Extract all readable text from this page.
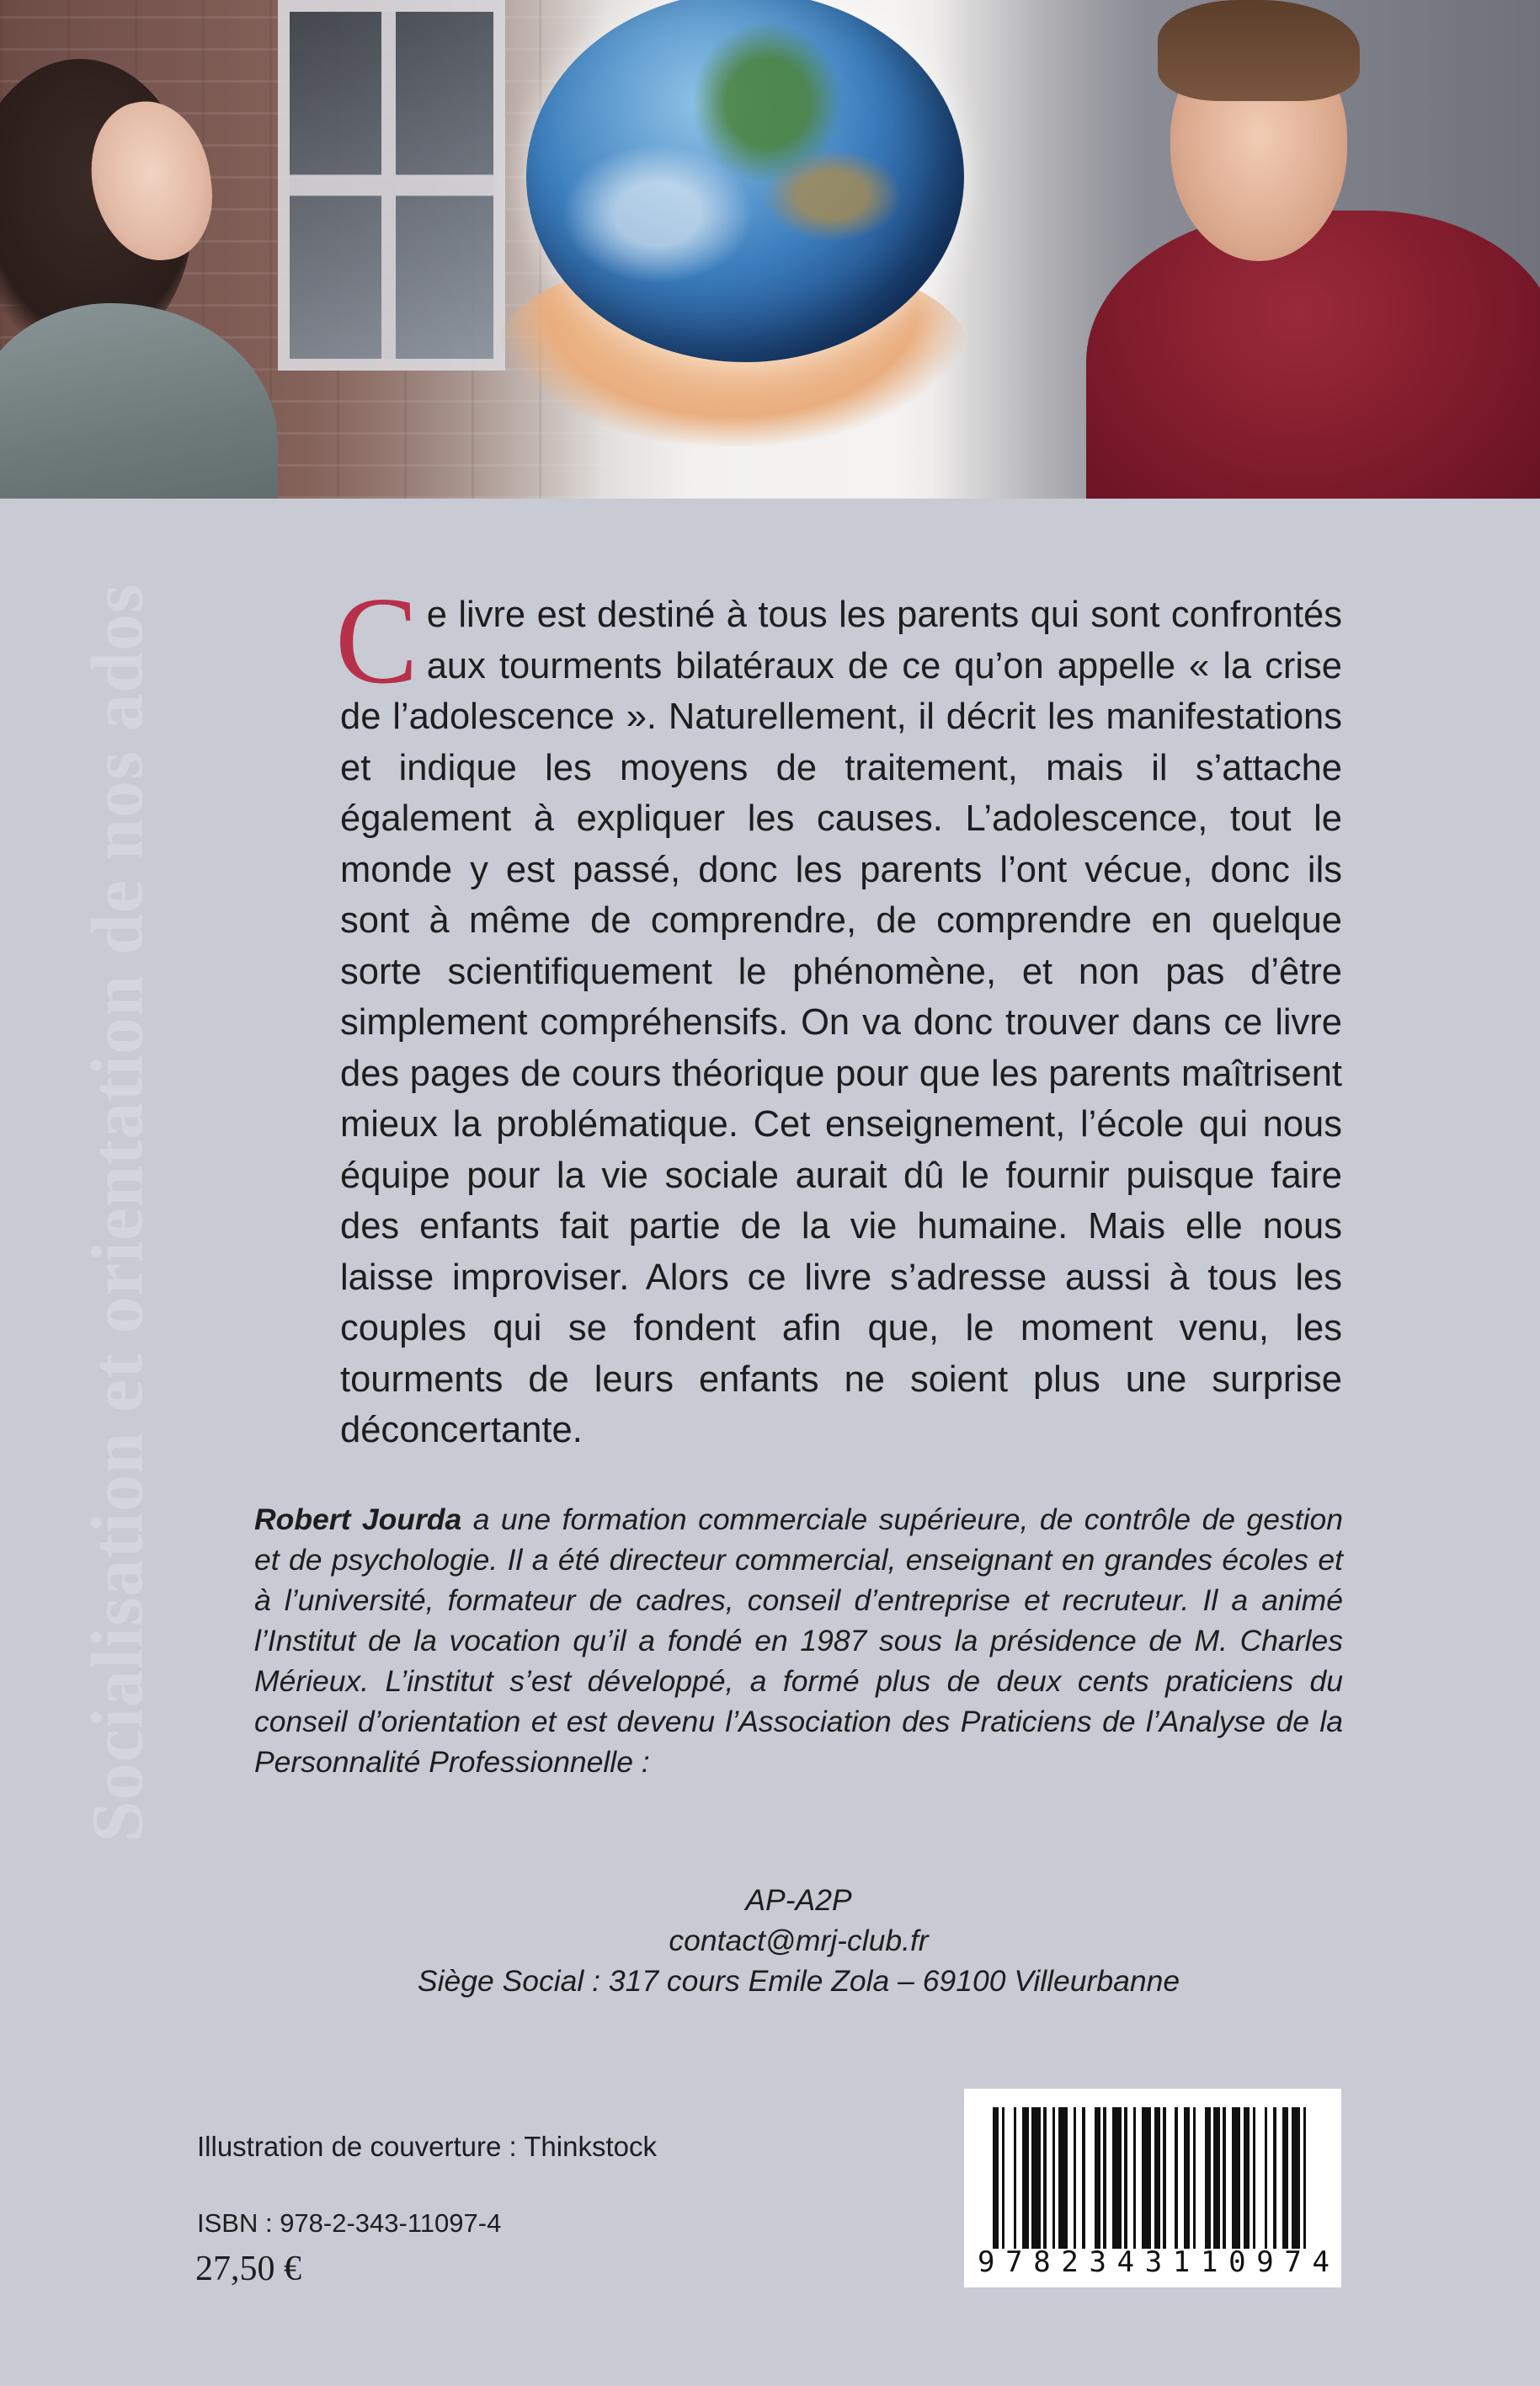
Socialisation et orientation de nos ados Ce livre est destiné à tous les parents qui sont confrontés aux tourments bilatéraux de ce qu’on appelle « la crise de l’adolescence ». Naturellement, il décrit les manifestations et indique les moyens de traitement, mais il s’attache également à expliquer les causes. L’adolescence, tout le monde y est passé, donc les parents l’ont vécue, donc ils sont à même de comprendre, de comprendre en quelque sorte scientifiquement le phénomène, et non pas d’être simplement compréhensifs. On va donc trouver dans ce livre des pages de cours théorique pour que les parents maîtrisent mieux la problématique. Cet enseignement, l’école qui nous équipe pour la vie sociale aurait dû le fournir puisque faire des enfants fait partie de la vie humaine. Mais elle nous laisse improviser. Alors ce livre s’adresse aussi à tous les couples qui se fondent afin que, le moment venu, les tourments de leurs enfants ne soient plus une surprise déconcertante.

Robert Jourda a une formation commerciale supérieure, de contrôle de gestion et de psychologie. Il a été directeur commercial, enseignant en grandes écoles et à l’université, formateur de cadres, conseil d’entreprise et recruteur. Il a animé l’Institut de la vocation qu’il a fondé en 1987 sous la présidence de M. Charles Mérieux. L’institut s’est développé, a formé plus de deux cents praticiens du conseil d’orientation et est devenu l’Association des Praticiens de l’Analyse de la Personnalité Professionnelle :

AP-A2P
contact@mrj-club.fr
Siège Social : 317 cours Emile Zola – 69100 Villeurbanne
Illustration de couverture : Thinkstock
ISBN : 978-2-343-11097-4
27,50 €	9 7 8 2 3 4 3 1 1 0 9 7 4
